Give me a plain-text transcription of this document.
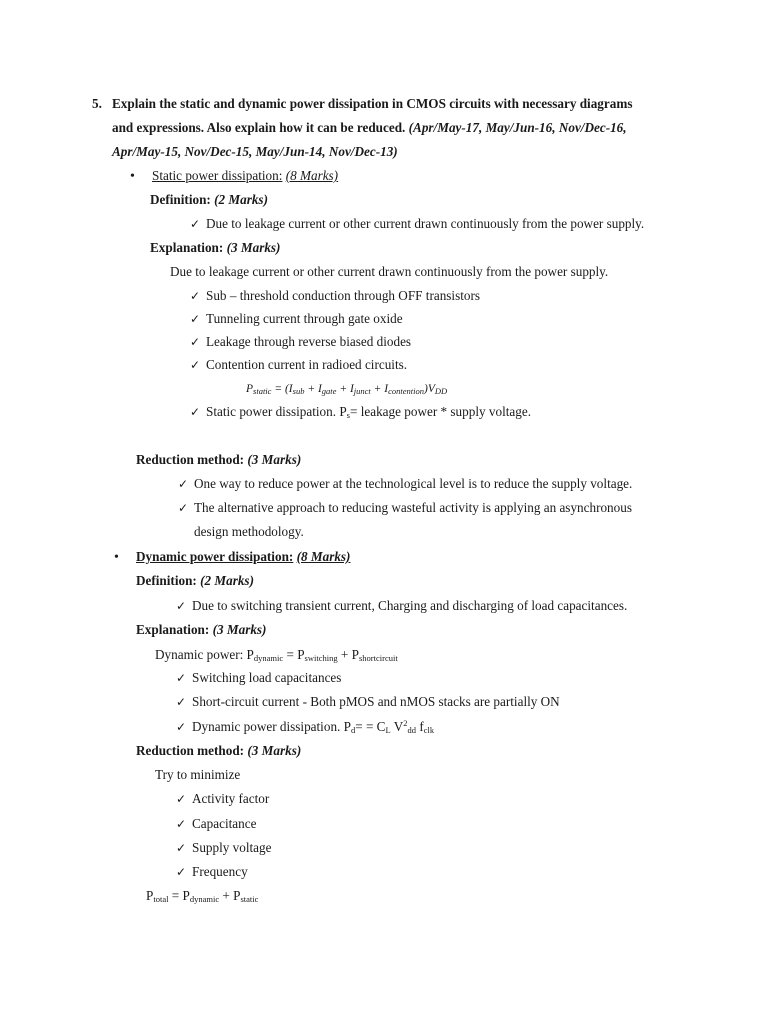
5. Explain the static and dynamic power dissipation in CMOS circuits with necessary diagrams
and expressions. Also explain how it can be reduced. (Apr/May-17, May/Jun-16, Nov/Dec-16,
Apr/May-15, Nov/Dec-15, May/Jun-14, Nov/Dec-13)
• Static power dissipation: (8 Marks)
Definition: (2 Marks)
✓ Due to leakage current or other current drawn continuously from the power supply.
Explanation: (3 Marks)
Due to leakage current or other current drawn continuously from the power supply.
✓ Sub – threshold conduction through OFF transistors
✓ Tunneling current through gate oxide
✓ Leakage through reverse biased diodes
✓ Contention current in radioed circuits.
$P_{static} = (I_{sub} + I_{gate} + I_{junct} + I_{contention})V_{DD}$
✓ Static power dissipation. $P_s=$ leakage power * supply voltage.
Reduction method: (3 Marks)
✓ One way to reduce power at the technological level is to reduce the supply voltage.
✓ The alternative approach to reducing wasteful activity is applying an asynchronous
design methodology.
• Dynamic power dissipation: (8 Marks)
Definition: (2 Marks)
✓ Due to switching transient current, Charging and discharging of load capacitances.
Explanation: (3 Marks)
Dynamic power: $P_{dynamic} = P_{switching} + P_{shortcircuit}$
✓ Switching load capacitances
✓ Short-circuit current - Both pMOS and nMOS stacks are partially ON
✓ Dynamic power dissipation. $P_d= = C_L$ $V^2_{dd}$ $f_{clk}$
Reduction method: (3 Marks)
Try to minimize
✓ Activity factor
✓ Capacitance
✓ Supply voltage
✓ Frequency
$P_{total} = P_{dynamic} + P_{static}$
